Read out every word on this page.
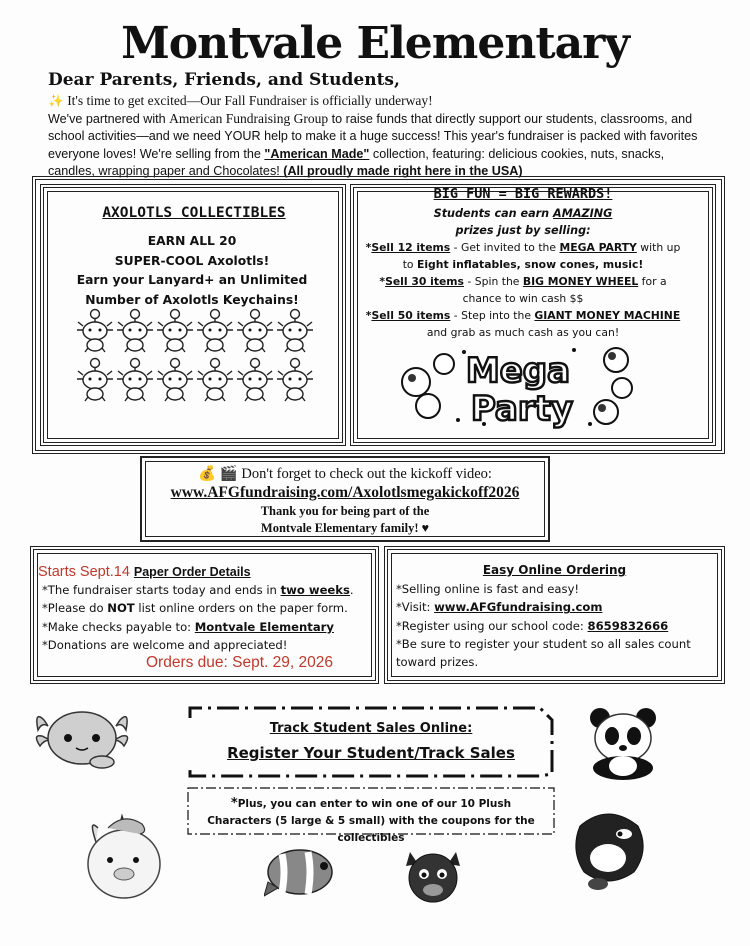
Montvale Elementary
Dear Parents, Friends, and Students,
✨ It's time to get excited—Our Fall Fundraiser is officially underway!
We've partnered with American Fundraising Group to raise funds that directly support our students, classrooms, and school activities—and we need YOUR help to make it a huge success! This year's fundraiser is packed with favorites everyone loves! We're selling from the "American Made" collection, featuring: delicious cookies, nuts, snacks, candles, wrapping paper and Chocolates! (All proudly made right here in the USA)
AXOLOTLS COLLECTIBLES
EARN ALL 20
SUPER-COOL Axolotls!
Earn your Lanyard+ an Unlimited
Number of Axolotls Keychains!
BIG FUN = BIG REWARDS!
Students can earn AMAZING
prizes just by selling:
*Sell 12 items - Get invited to the MEGA PARTY with up to Eight inflatables, snow cones, music!
*Sell 30 items - Spin the BIG MONEY WHEEL for a chance to win cash $$
*Sell 50 items - Step into the GIANT MONEY MACHINE and grab as much cash as you can!
Mega
Party
💰 🎬 Don't forget to check out the kickoff video:
www.AFGfundraising.com/Axolotlsmegakickoff2026
Thank you for being part of the
Montvale Elementary family! ♥
Starts Sept.14 Paper Order Details
*The fundraiser starts today and ends in two weeks.
*Please do NOT list online orders on the paper form.
*Make checks payable to: Montvale Elementary
*Donations are welcome and appreciated!
Orders due: Sept. 29, 2026
Easy Online Ordering
*Selling online is fast and easy!
*Visit: www.AFGfundraising.com
*Register using our school code: 8659832666
*Be sure to register your student so all sales count toward prizes.
Track Student Sales Online:
Register Your Student/Track Sales
*Plus, you can enter to win one of our 10 Plush
Characters (5 large & 5 small) with the coupons for the collectibles
